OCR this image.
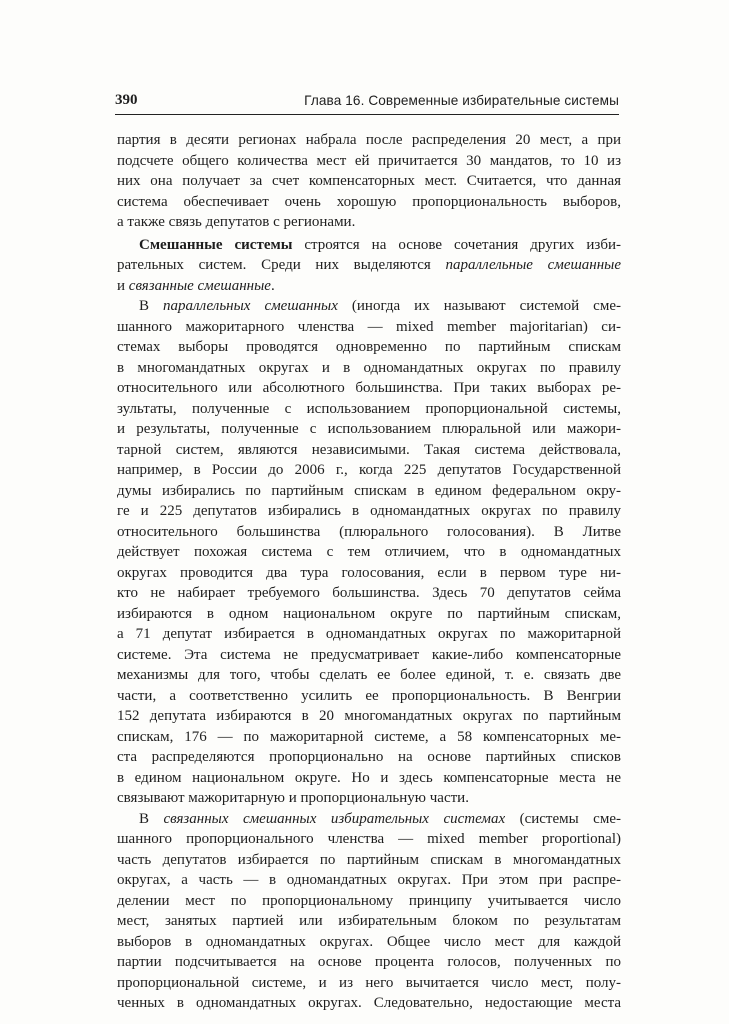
390	Глава 16. Современные избирательные системы
партия в десяти регионах набрала после распределения 20 мест, а при
подсчете общего количества мест ей причитается 30 мандатов, то 10 из
них она получает за счет компенсаторных мест. Считается, что данная
система обеспечивает очень хорошую пропорциональность выборов,
а также связь депутатов с регионами.
Смешанные системы строятся на основе сочетания других изби-
рательных систем. Среди них выделяются параллельные смешанные
и связанные смешанные.
В параллельных смешанных (иногда их называют системой сме-
шанного мажоритарного членства — mixed member majoritarian) си-
стемах выборы проводятся одновременно по партийным спискам
в многомандатных округах и в одномандатных округах по правилу
относительного или абсолютного большинства. При таких выборах ре-
зультаты, полученные с использованием пропорциональной системы,
и результаты, полученные с использованием плюральной или мажори-
тарной систем, являются независимыми. Такая система действовала,
например, в России до 2006 г., когда 225 депутатов Государственной
думы избирались по партийным спискам в едином федеральном окру-
ге и 225 депутатов избирались в одномандатных округах по правилу
относительного большинства (плюрального голосования). В Литве
действует похожая система с тем отличием, что в одномандатных
округах проводится два тура голосования, если в первом туре ни-
кто не набирает требуемого большинства. Здесь 70 депутатов сейма
избираются в одном национальном округе по партийным спискам,
а 71 депутат избирается в одномандатных округах по мажоритарной
системе. Эта система не предусматривает какие-либо компенсаторные
механизмы для того, чтобы сделать ее более единой, т. е. связать две
части, а соответственно усилить ее пропорциональность. В Венгрии
152 депутата избираются в 20 многомандатных округах по партийным
спискам, 176 — по мажоритарной системе, а 58 компенсаторных ме-
ста распределяются пропорционально на основе партийных списков
в едином национальном округе. Но и здесь компенсаторные места не
связывают мажоритарную и пропорциональную части.
В связанных смешанных избирательных системах (системы сме-
шанного пропорционального членства — mixed member proportional)
часть депутатов избирается по партийным спискам в многомандатных
округах, а часть — в одномандатных округах. При этом при распре-
делении мест по пропорциональному принципу учитывается число
мест, занятых партией или избирательным блоком по результатам
выборов в одномандатных округах. Общее число мест для каждой
партии подсчитывается на основе процента голосов, полученных по
пропорциональной системе, и из него вычитается число мест, полу-
ченных в одномандатных округах. Следовательно, недостающие места
